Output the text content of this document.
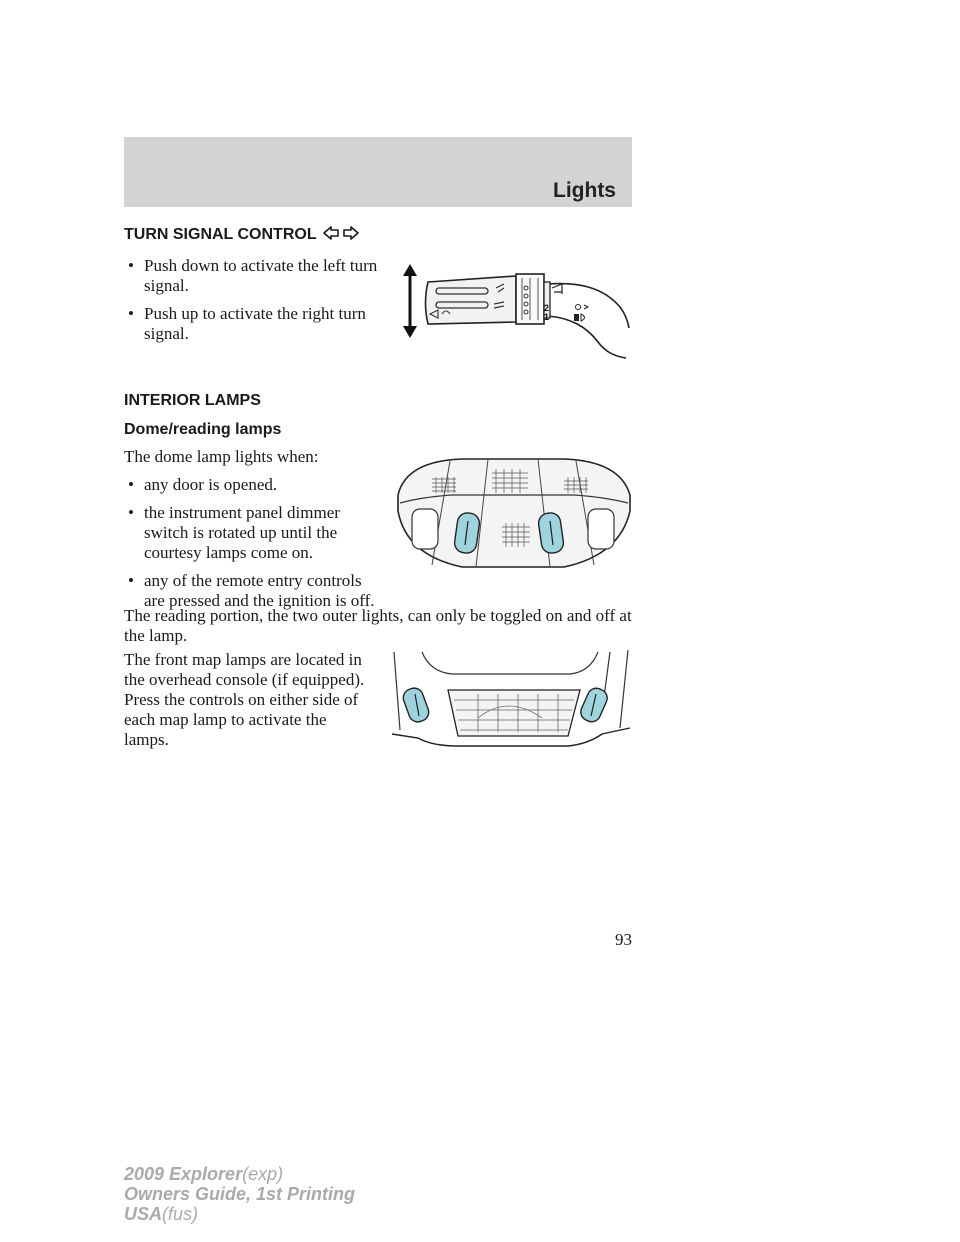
Lights
TURN SIGNAL CONTROL
• Push down to activate the left turn signal.
• Push up to activate the right turn signal.
2
1
INTERIOR LAMPS
Dome/reading lamps

The dome lamp lights when:

• any door is opened.
• the instrument panel dimmer switch is rotated up until the courtesy lamps come on.
• any of the remote entry controls are pressed and the ignition is off.

The reading portion, the two outer lights, can only be toggled on and off at the lamp.

The front map lamps are located in the overhead console (if equipped). Press the controls on either side of each map lamp to activate the lamps.

93
2009 Explorer(exp)
Owners Guide, 1st Printing
USA(fus)
